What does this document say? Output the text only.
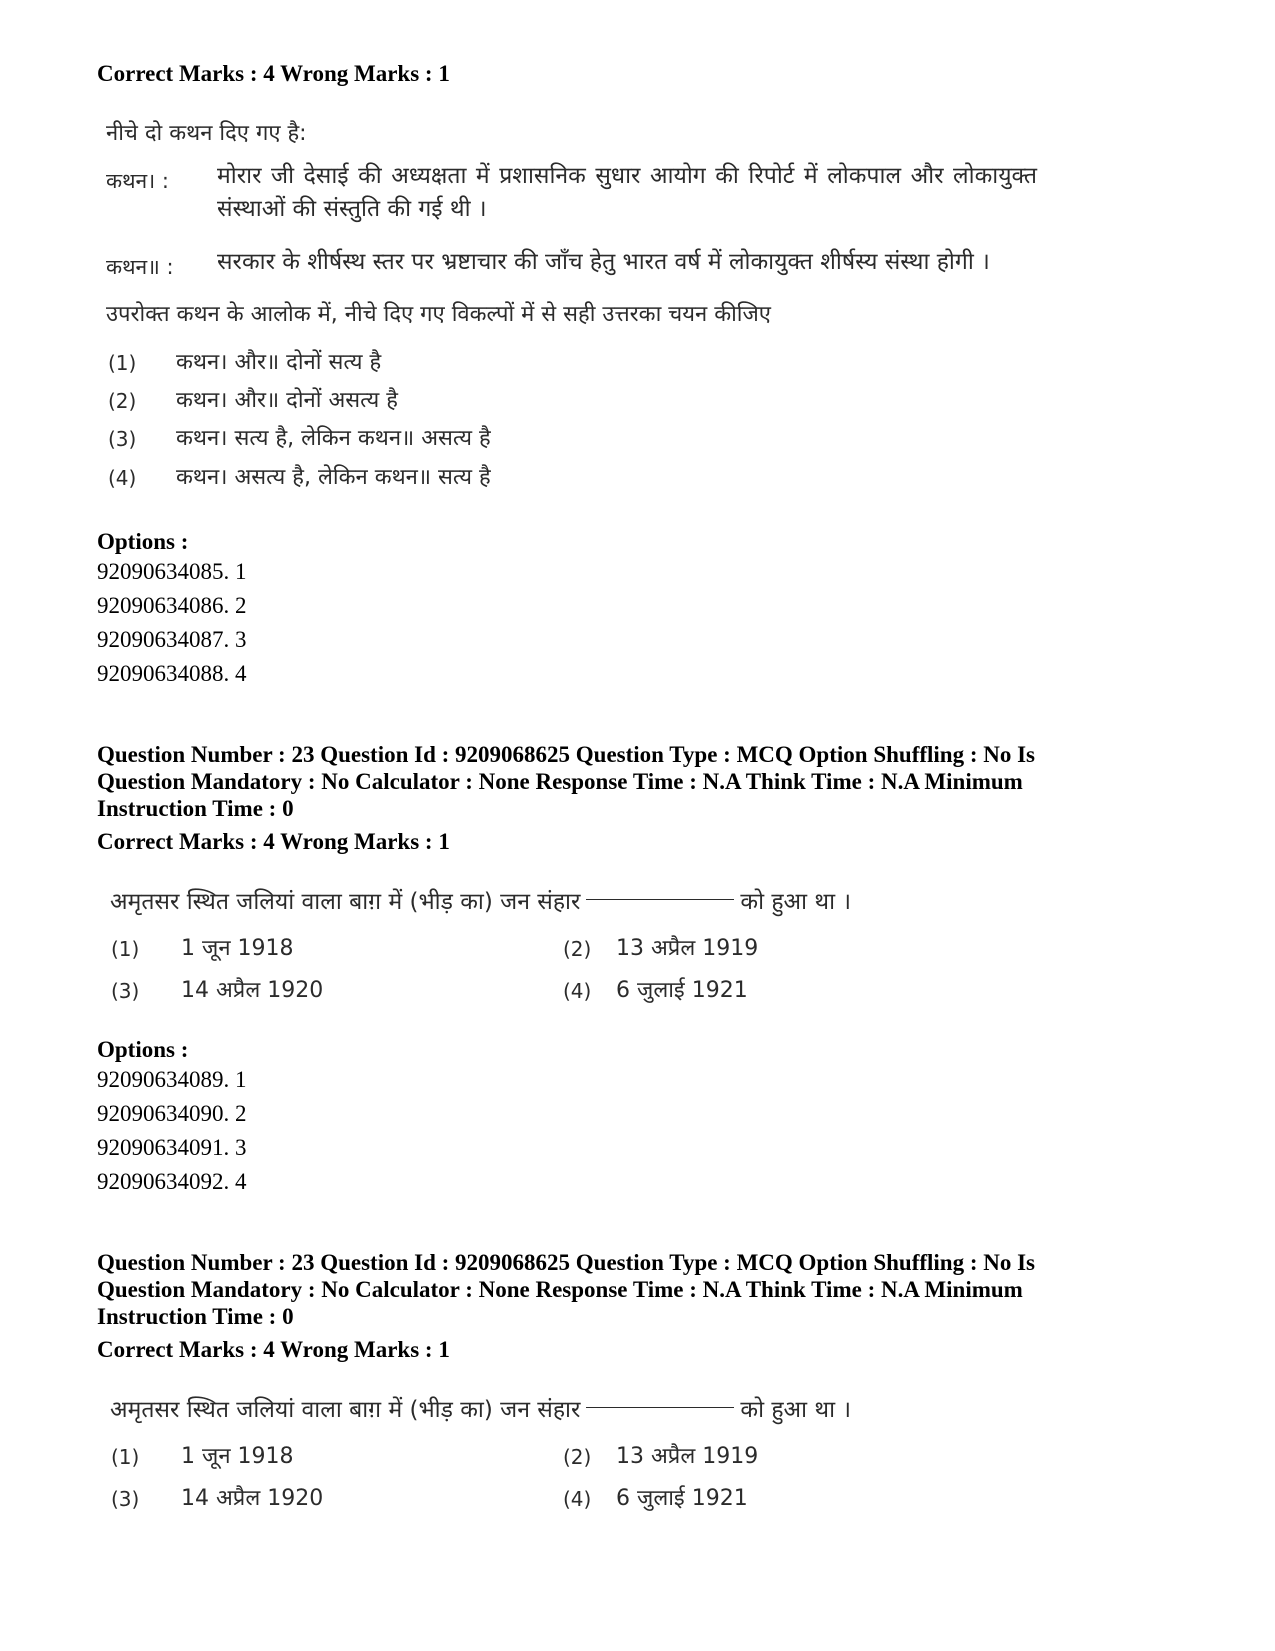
Correct Marks : 4 Wrong Marks : 1

नीचे दो कथन दिए गए है:
कथन। : मोरार जी देसाई की अध्यक्षता में प्रशासनिक सुधार आयोग की रिपोर्ट में लोकपाल और लोकायुक्त संस्थाओं की संस्तुति की गई थी ।
कथन॥ : सरकार के शीर्षस्थ स्तर पर भ्रष्टाचार की जाँच हेतु भारत वर्ष में लोकायुक्त शीर्षस्य संस्था होगी ।
उपरोक्त कथन के आलोक में, नीचे दिए गए विकल्पों में से सही उत्तरका चयन कीजिए
(1) कथन। और॥ दोनों सत्य है
(2) कथन। और॥ दोनों असत्य है
(3) कथन। सत्य है, लेकिन कथन॥ असत्य है
(4) कथन। असत्य है, लेकिन कथन॥ सत्य है

Options :

92090634085. 1
92090634086. 2
92090634087. 3
92090634088. 4

Question Number : 23 Question Id : 9209068625 Question Type : MCQ Option Shuffling : No Is

Question Mandatory : No Calculator : None Response Time : N.A Think Time : N.A Minimum

Instruction Time : 0

Correct Marks : 4 Wrong Marks : 1

अमृतसर स्थित जलियां वाला बाग़ में (भीड़ का) जन संहार	को हुआ था ।
(1) 1 जून 1918	(2) 13 अप्रैल 1919
(3) 14 अप्रैल 1920	(4) 6 जुलाई 1921

Options :

92090634089. 1
92090634090. 2
92090634091. 3
92090634092. 4

Question Number : 23 Question Id : 9209068625 Question Type : MCQ Option Shuffling : No Is

Question Mandatory : No Calculator : None Response Time : N.A Think Time : N.A Minimum

Instruction Time : 0

Correct Marks : 4 Wrong Marks : 1

अमृतसर स्थित जलियां वाला बाग़ में (भीड़ का) जन संहार	को हुआ था ।
(1) 1 जून 1918	(2) 13 अप्रैल 1919
(3) 14 अप्रैल 1920	(4) 6 जुलाई 1921
